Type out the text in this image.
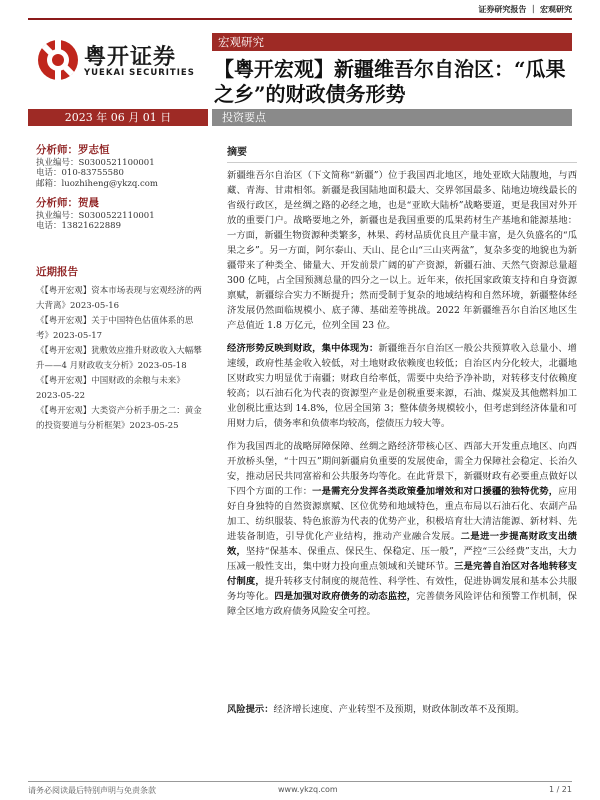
证券研究报告 ｜ 宏观研究
粤开证券
YUEKAI SECURITIES
宏观研究
【粤开宏观】新疆维吾尔自治区：“瓜果之乡”的财政债务形势
2023 年 06 月 01 日	投资要点
分析师：罗志恒
执业编号：S0300521100001
电话：010-83755580
邮箱：luozhiheng@ykzq.com
分析师：贺晨
执业编号：S0300522110001
电话：13821622889
近期报告
《【粤开宏观】资本市场表现与宏观经济的两大背离》2023-05-16
《【粤开宏观】关于中国特色估值体系的思考》2023-05-17
《【粤开宏观】犹敷效应推升财政收入大幅攀升——4 月财政收支分析》2023-05-18
《【粤开宏观】中国财政的余粮与未来》2023-05-22
《【粤开宏观】大类资产分析手册之二：黄金的投资要道与分析框架》2023-05-25
摘要

新疆维吾尔自治区（下文简称“新疆”）位于我国西北地区，地处亚欧大陆腹地，与西藏、青海、甘肃相邻。新疆是我国陆地面积最大、交界邻国最多、陆地边境线最长的省级行政区，是丝绸之路的必经之地，也是“亚欧大陆桥”战略要道，更是我国对外开放的重要门户。战略要地之外，新疆也是我国重要的瓜果药材生产基地和能源基地：一方面，新疆生物资源种类繁多，林果、药材品质优良且产量丰富，是久负盛名的“瓜果之乡”。另一方面，阿尔泰山、天山、昆仑山“三山夹两盆”，复杂多变的地貌也为新疆带来了种类全、储量大、开发前景广阔的矿产资源，新疆石油、天然气资源总量超 300 亿吨，占全国预测总量的四分之一以上。近年来，依托国家政策支持和自身资源禀赋，新疆综合实力不断提升；然而受制于复杂的地域结构和自然环境，新疆整体经济发展仍然面临规模小、底子薄、基础差等挑战。2022 年新疆维吾尔自治区地区生产总值近 1.8 万亿元，位列全国 23 位。

经济形势反映到财政，集中体现为：新疆维吾尔自治区一般公共预算收入总量小、增速缓，政府性基金收入较低，对土地财政依赖度也较低；自治区内分化较大，北疆地区财政实力明显优于南疆；财政自给率低，需要中央给予净补助，对转移支付依赖度较高；以石油石化为代表的资源型产业是创税重要来源，石油、煤炭及其他燃料加工业创税比重达到 14.8%，位居全国第 3；整体债务规模较小，但考虑到经济体量和可用财力后，债务率和负债率均较高，偿债压力较大等。

作为我国西北的战略屏障保障、丝绸之路经济带核心区、西部大开发重点地区、向西开放桥头堡，“十四五”期间新疆肩负重要的发展使命，需全力保障社会稳定、长治久安，推动居民共同富裕和公共服务均等化。在此背景下，新疆财政有必要重点做好以下四个方面的工作：一是需充分发挥各类政策叠加增效和对口援疆的独特优势，应用好自身独特的自然资源禀赋、区位优势和地域特色，重点布局以石油石化、农副产品加工、纺织服装、特色旅游为代表的优势产业，积极培育壮大清洁能源、新材料、先进装备制造，引导优化产业结构，推动产业融合发展。二是进一步提高财政支出绩效，坚持“保基本、保重点、保民生、保稳定、压一般”，严控“三公经费”支出，大力压减一般性支出，集中财力投向重点领域和关键环节。三是完善自治区对各地转移支付制度，提升转移支付制度的规范性、科学性、有效性，促进协调发展和基本公共服务均等化。四是加强对政府债务的动态监控，完善债务风险评估和预警工作机制，保障全区地方政府债务风险安全可控。

风险提示：经济增长速度、产业转型不及预期，财政体制改革不及预期。
请务必阅读最后特别声明与免责条款	www.ykzq.com	1 / 21
